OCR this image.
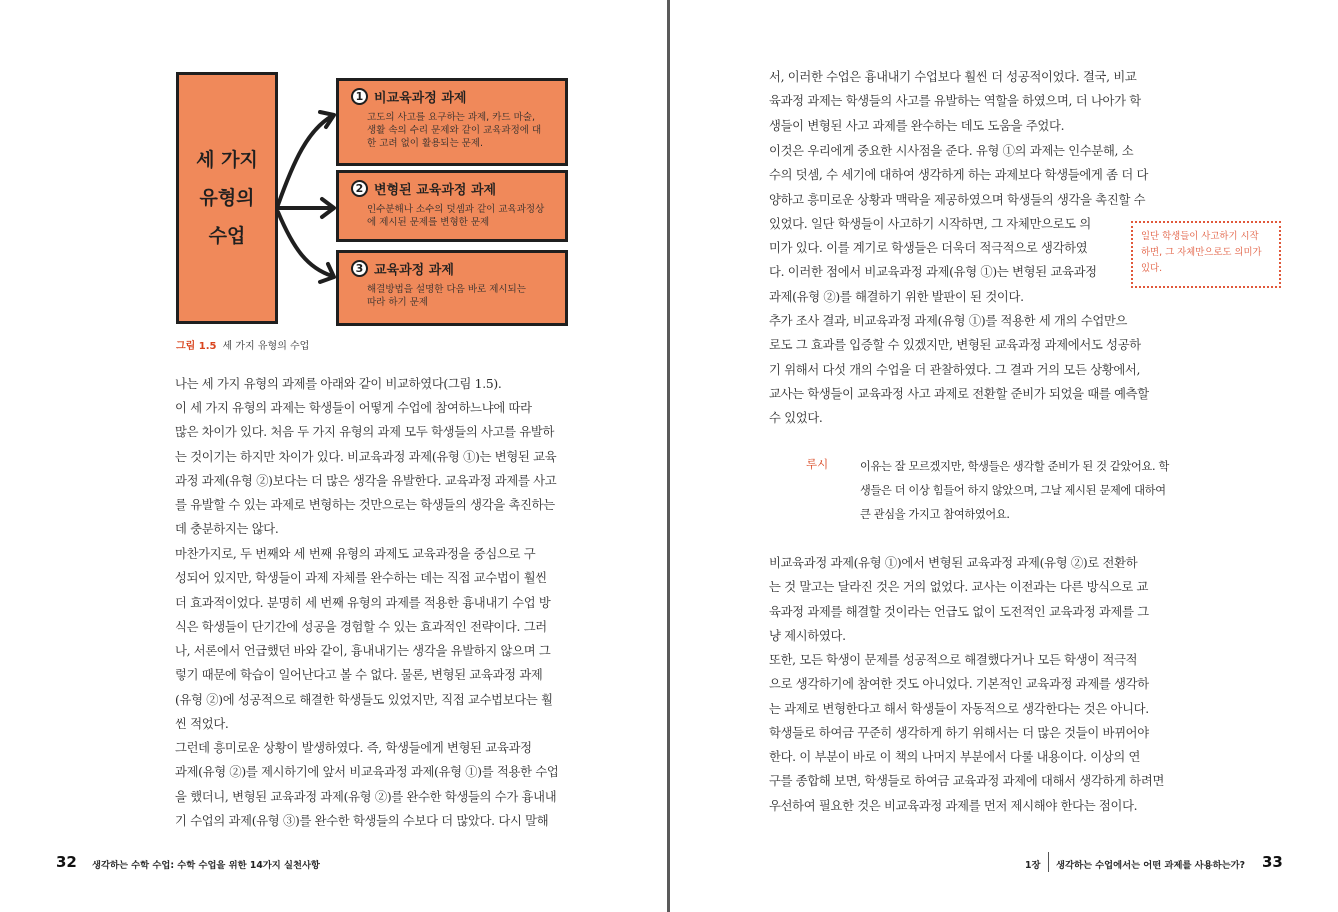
세 가지
유형의
수업
1 비교육과정 과제
고도의 사고를 요구하는 과제, 카드 마술,
생활 속의 수리 문제와 같이 교육과정에 대
한 고려 없이 활용되는 문제.
2 변형된 교육과정 과제
인수분해나 소수의 덧셈과 같이 교육과정상
에 제시된 문제를 변형한 문제
3 교육과정 과제
해결방법을 설명한 다음 바로 제시되는
따라 하기 문제
그림 1.5 세 가지 유형의 수업
나는 세 가지 유형의 과제를 아래와 같이 비교하였다(그림 1.5).
이 세 가지 유형의 과제는 학생들이 어떻게 수업에 참여하느냐에 따라
많은 차이가 있다. 처음 두 가지 유형의 과제 모두 학생들의 사고를 유발하
는 것이기는 하지만 차이가 있다. 비교육과정 과제(유형 ①)는 변형된 교육
과정 과제(유형 ②)보다는 더 많은 생각을 유발한다. 교육과정 과제를 사고
를 유발할 수 있는 과제로 변형하는 것만으로는 학생들의 생각을 촉진하는
데 충분하지는 않다.
마찬가지로, 두 번째와 세 번째 유형의 과제도 교육과정을 중심으로 구
성되어 있지만, 학생들이 과제 자체를 완수하는 데는 직접 교수법이 훨씬
더 효과적이었다. 분명히 세 번째 유형의 과제를 적용한 흉내내기 수업 방
식은 학생들이 단기간에 성공을 경험할 수 있는 효과적인 전략이다. 그러
나, 서론에서 언급했던 바와 같이, 흉내내기는 생각을 유발하지 않으며 그
렇기 때문에 학습이 일어난다고 볼 수 없다. 물론, 변형된 교육과정 과제
(유형 ②)에 성공적으로 해결한 학생들도 있었지만, 직접 교수법보다는 훨
씬 적었다.
그런데 흥미로운 상황이 발생하였다. 즉, 학생들에게 변형된 교육과정
과제(유형 ②)를 제시하기에 앞서 비교육과정 과제(유형 ①)를 적용한 수업
을 했더니, 변형된 교육과정 과제(유형 ②)를 완수한 학생들의 수가 흉내내
기 수업의 과제(유형 ③)를 완수한 학생들의 수보다 더 많았다. 다시 말해
32 생각하는 수학 수업: 수학 수업을 위한 14가지 실천사항
서, 이러한 수업은 흉내내기 수업보다 훨씬 더 성공적이었다. 결국, 비교
육과정 과제는 학생들의 사고를 유발하는 역할을 하였으며, 더 나아가 학
생들이 변형된 사고 과제를 완수하는 데도 도움을 주었다.
이것은 우리에게 중요한 시사점을 준다. 유형 ①의 과제는 인수분해, 소
수의 덧셈, 수 세기에 대하여 생각하게 하는 과제보다 학생들에게 좀 더 다
양하고 흥미로운 상황과 맥락을 제공하였으며 학생들의 생각을 촉진할 수
있었다. 일단 학생들이 사고하기 시작하면, 그 자체만으로도 의
미가 있다. 이를 계기로 학생들은 더욱더 적극적으로 생각하였
다. 이러한 점에서 비교육과정 과제(유형 ①)는 변형된 교육과정
과제(유형 ②)를 해결하기 위한 발판이 된 것이다.
추가 조사 결과, 비교육과정 과제(유형 ①)를 적용한 세 개의 수업만으
로도 그 효과를 입증할 수 있겠지만, 변형된 교육과정 과제에서도 성공하
기 위해서 다섯 개의 수업을 더 관찰하였다. 그 결과 거의 모든 상황에서,
교사는 학생들이 교육과정 사고 과제로 전환할 준비가 되었을 때를 예측할
수 있었다.
일단 학생들이 사고하기 시작
하면, 그 자체만으로도 의미가
있다.
루시	이유는 잘 모르겠지만, 학생들은 생각할 준비가 된 것 같았어요. 학
생들은 더 이상 힘들어 하지 않았으며, 그날 제시된 문제에 대하여
큰 관심을 가지고 참여하였어요.
비교육과정 과제(유형 ①)에서 변형된 교육과정 과제(유형 ②)로 전환하
는 것 말고는 달라진 것은 거의 없었다. 교사는 이전과는 다른 방식으로 교
육과정 과제를 해결할 것이라는 언급도 없이 도전적인 교육과정 과제를 그
냥 제시하였다.
또한, 모든 학생이 문제를 성공적으로 해결했다거나 모든 학생이 적극적
으로 생각하기에 참여한 것도 아니었다. 기본적인 교육과정 과제를 생각하
는 과제로 변형한다고 해서 학생들이 자동적으로 생각한다는 것은 아니다.
학생들로 하여금 꾸준히 생각하게 하기 위해서는 더 많은 것들이 바뀌어야
한다. 이 부분이 바로 이 책의 나머지 부분에서 다룰 내용이다. 이상의 연
구를 종합해 보면, 학생들로 하여금 교육과정 과제에 대해서 생각하게 하려면
우선하여 필요한 것은 비교육과정 과제를 먼저 제시해야 한다는 점이다.
1장 생각하는 수업에서는 어떤 과제를 사용하는가? 33
